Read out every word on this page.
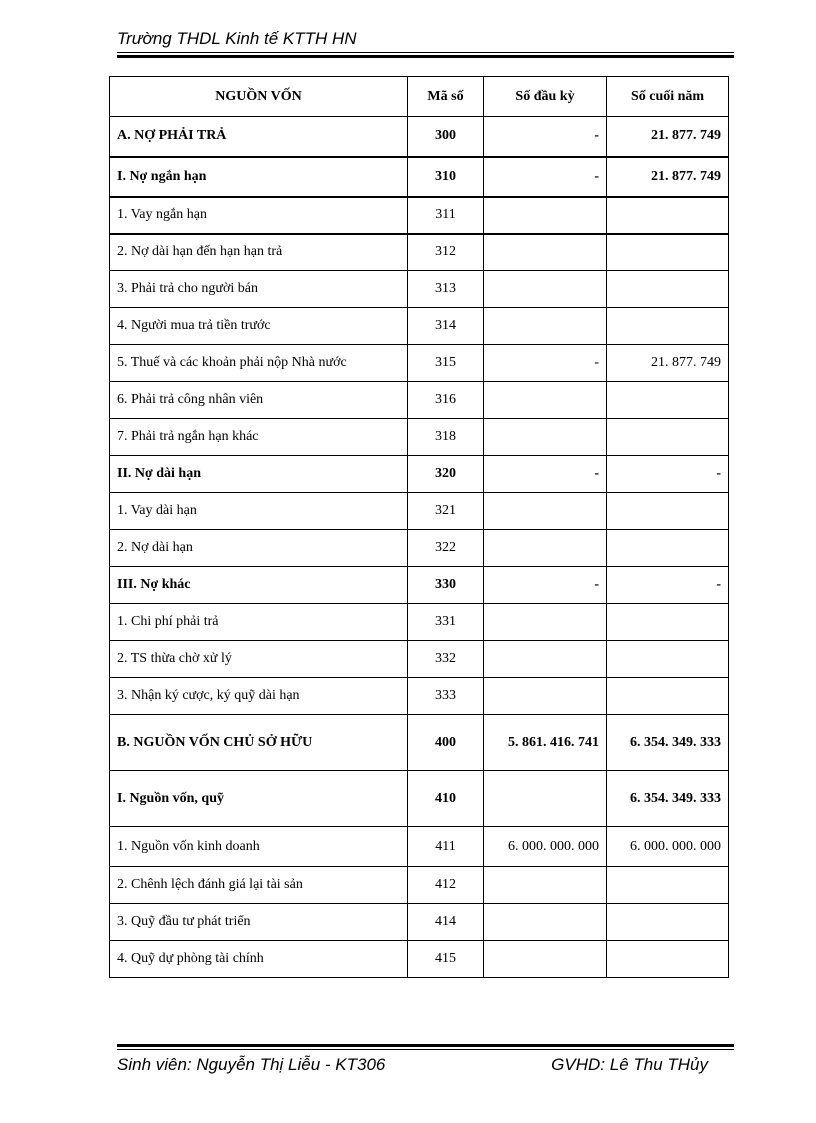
Trường THDL Kinh tế KTTH HN
NGUỒN VỐN	Mã số	Số đầu kỳ	Số cuối năm
A. NỢ PHẢI TRẢ	300	-	21. 877. 749
I. Nợ ngắn hạn	310	-	21. 877. 749
1. Vay ngắn hạn	311		
2. Nợ dài hạn đến hạn hạn trả	312		
3. Phải trả cho người bán	313		
4. Người mua trả tiền trước	314		
5. Thuế và các khoản phải nộp Nhà nước	315	-	21. 877. 749
6. Phải trả công nhân viên	316		
7. Phải trả ngắn hạn khác	318		
II. Nợ dài hạn	320	-	-
1. Vay dài hạn	321		
2. Nợ dài hạn	322		
III. Nợ khác	330	-	-
1. Chi phí phải trả	331		
2. TS thừa chờ xử lý	332		
3. Nhận ký cược, ký quỹ dài hạn	333		
B. NGUỒN VỐN CHỦ SỞ HỮU	400	5. 861. 416. 741	6. 354. 349. 333
I. Nguồn vốn, quỹ	410		6. 354. 349. 333
1. Nguồn vốn kinh doanh	411	6. 000. 000. 000	6. 000. 000. 000
2. Chênh lệch đánh giá lại tài sản	412		
3. Quỹ đầu tư phát triển	414		
4. Quỹ dự phòng tài chính	415		
Sinh viên: Nguyễn Thị Liễu - KT306	GVHD: Lê Thu THủy
